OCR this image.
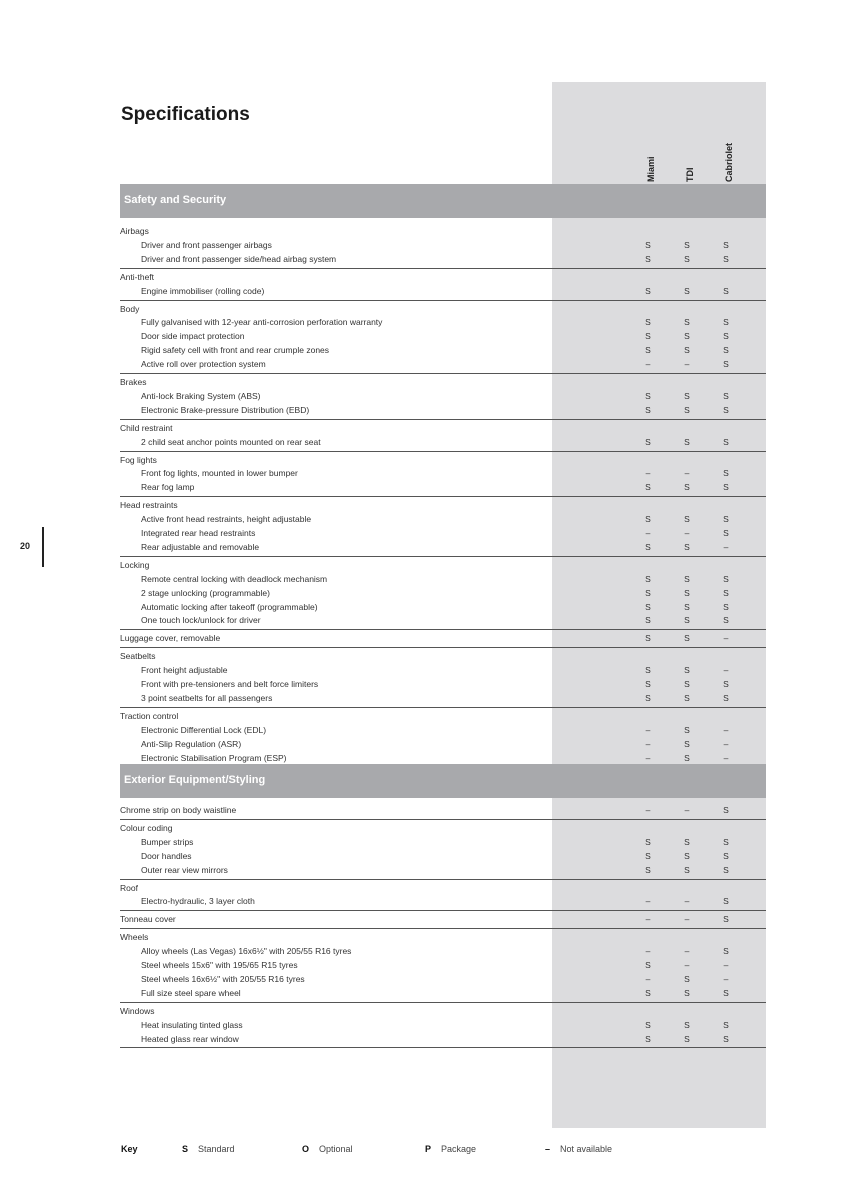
Specifications
Miami	TDI	Cabriolet
20
Safety and Security
Airbags
Driver and front passenger airbags	S	S	S
Driver and front passenger side/head airbag system	S	S	S
Anti-theft
Engine immobiliser (rolling code)	S	S	S
Body
Fully galvanised with 12-year anti-corrosion perforation warranty	S	S	S
Door side impact protection	S	S	S
Rigid safety cell with front and rear crumple zones	S	S	S
Active roll over protection system	–	–	S
Brakes
Anti-lock Braking System (ABS)	S	S	S
Electronic Brake-pressure Distribution (EBD)	S	S	S
Child restraint
2 child seat anchor points mounted on rear seat	S	S	S
Fog lights
Front fog lights, mounted in lower bumper	–	–	S
Rear fog lamp	S	S	S
Head restraints
Active front head restraints, height adjustable	S	S	S
Integrated rear head restraints	–	–	S
Rear adjustable and removable	S	S	–
Locking
Remote central locking with deadlock mechanism	S	S	S
2 stage unlocking (programmable)	S	S	S
Automatic locking after takeoff (programmable)	S	S	S
One touch lock/unlock for driver	S	S	S
Luggage cover, removable	S	S	–
Seatbelts
Front height adjustable	S	S	–
Front with pre-tensioners and belt force limiters	S	S	S
3 point seatbelts for all passengers	S	S	S
Traction control
Electronic Differential Lock (EDL)	–	S	–
Anti-Slip Regulation (ASR)	–	S	–
Electronic Stabilisation Program (ESP)	–	S	–
Exterior Equipment/Styling
Chrome strip on body waistline	–	–	S
Colour coding
Bumper strips	S	S	S
Door handles	S	S	S
Outer rear view mirrors	S	S	S
Roof
Electro-hydraulic, 3 layer cloth	–	–	S
Tonneau cover	–	–	S
Wheels
Alloy wheels (Las Vegas) 16x6½" with 205/55 R16 tyres	–	–	S
Steel wheels 15x6" with 195/65 R15 tyres	S	–	–
Steel wheels 16x6½" with 205/55 R16 tyres	–	S	–
Full size steel spare wheel	S	S	S
Windows
Heat insulating tinted glass	S	S	S
Heated glass rear window	S	S	S
Key	S Standard	O Optional	P Package	– Not available
